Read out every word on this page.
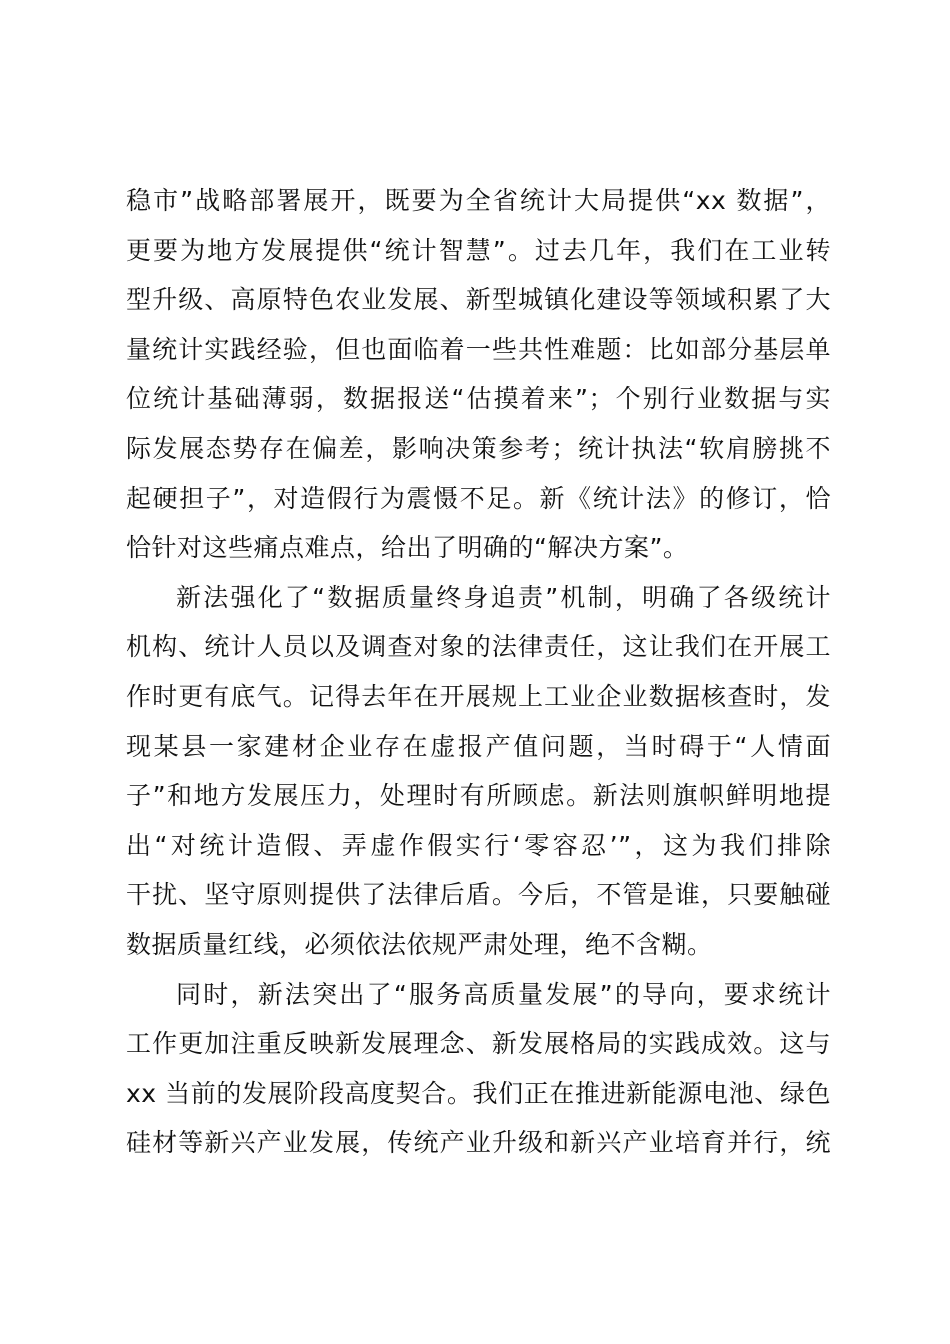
稳市”战略部署展开，既要为全省统计大局提供“xx 数据”，
更要为地方发展提供“统计智慧”。过去几年，我们在工业转
型升级、高原特色农业发展、新型城镇化建设等领域积累了大
量统计实践经验，但也面临着一些共性难题：比如部分基层单
位统计基础薄弱，数据报送“估摸着来”；个别行业数据与实
际发展态势存在偏差，影响决策参考；统计执法“软肩膀挑不
起硬担子”，对造假行为震慑不足。新《统计法》的修订，恰
恰针对这些痛点难点，给出了明确的“解决方案”。
新法强化了“数据质量终身追责”机制，明确了各级统计
机构、统计人员以及调查对象的法律责任，这让我们在开展工
作时更有底气。记得去年在开展规上工业企业数据核查时，发
现某县一家建材企业存在虚报产值问题，当时碍于“人情面
子”和地方发展压力，处理时有所顾虑。新法则旗帜鲜明地提
出“对统计造假、弄虚作假实行‘零容忍’”，这为我们排除
干扰、坚守原则提供了法律后盾。今后，不管是谁，只要触碰
数据质量红线，必须依法依规严肃处理，绝不含糊。
同时，新法突出了“服务高质量发展”的导向，要求统计
工作更加注重反映新发展理念、新发展格局的实践成效。这与
xx 当前的发展阶段高度契合。我们正在推进新能源电池、绿色
硅材等新兴产业发展，传统产业升级和新兴产业培育并行，统
